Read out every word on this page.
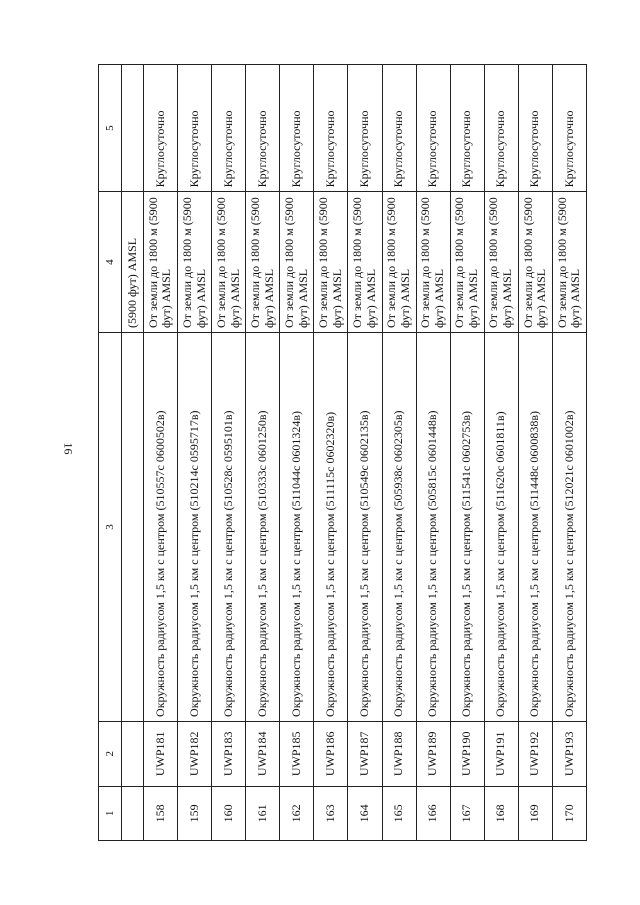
16
1	2	3	4	5
			(5900 фут) AMSL	
158	UWP181	Окружность радиусом 1,5 км с центром (510557с 0600502в)	От земли до 1800 м (5900 фут) AMSL	Круглосуточно
159	UWP182	Окружность радиусом 1,5 км с центром (510214с 0595717в)	От земли до 1800 м (5900 фут) AMSL	Круглосуточно
160	UWP183	Окружность радиусом 1,5 км с центром (510528с 0595101в)	От земли до 1800 м (5900 фут) AMSL	Круглосуточно
161	UWP184	Окружность радиусом 1,5 км с центром (510333с 0601250в)	От земли до 1800 м (5900 фут) AMSL	Круглосуточно
162	UWP185	Окружность радиусом 1,5 км с центром (511044с 0601324в)	От земли до 1800 м (5900 фут) AMSL	Круглосуточно
163	UWP186	Окружность радиусом 1,5 км с центром (511115с 0602320в)	От земли до 1800 м (5900 фут) AMSL	Круглосуточно
164	UWP187	Окружность радиусом 1,5 км с центром (510549с 0602135в)	От земли до 1800 м (5900 фут) AMSL	Круглосуточно
165	UWP188	Окружность радиусом 1,5 км с центром (505938с 0602305в)	От земли до 1800 м (5900 фут) AMSL	Круглосуточно
166	UWP189	Окружность радиусом 1,5 км с центром (505815с 0601448в)	От земли до 1800 м (5900 фут) AMSL	Круглосуточно
167	UWP190	Окружность радиусом 1,5 км с центром (511541с 0602753в)	От земли до 1800 м (5900 фут) AMSL	Круглосуточно
168	UWP191	Окружность радиусом 1,5 км с центром (511620с 0601811в)	От земли до 1800 м (5900 фут) AMSL	Круглосуточно
169	UWP192	Окружность радиусом 1,5 км с центром (511448с 0600838в)	От земли до 1800 м (5900 фут) AMSL	Круглосуточно
170	UWP193	Окружность радиусом 1,5 км с центром (512021с 0601002в)	От земли до 1800 м (5900 фут) AMSL	Круглосуточно
